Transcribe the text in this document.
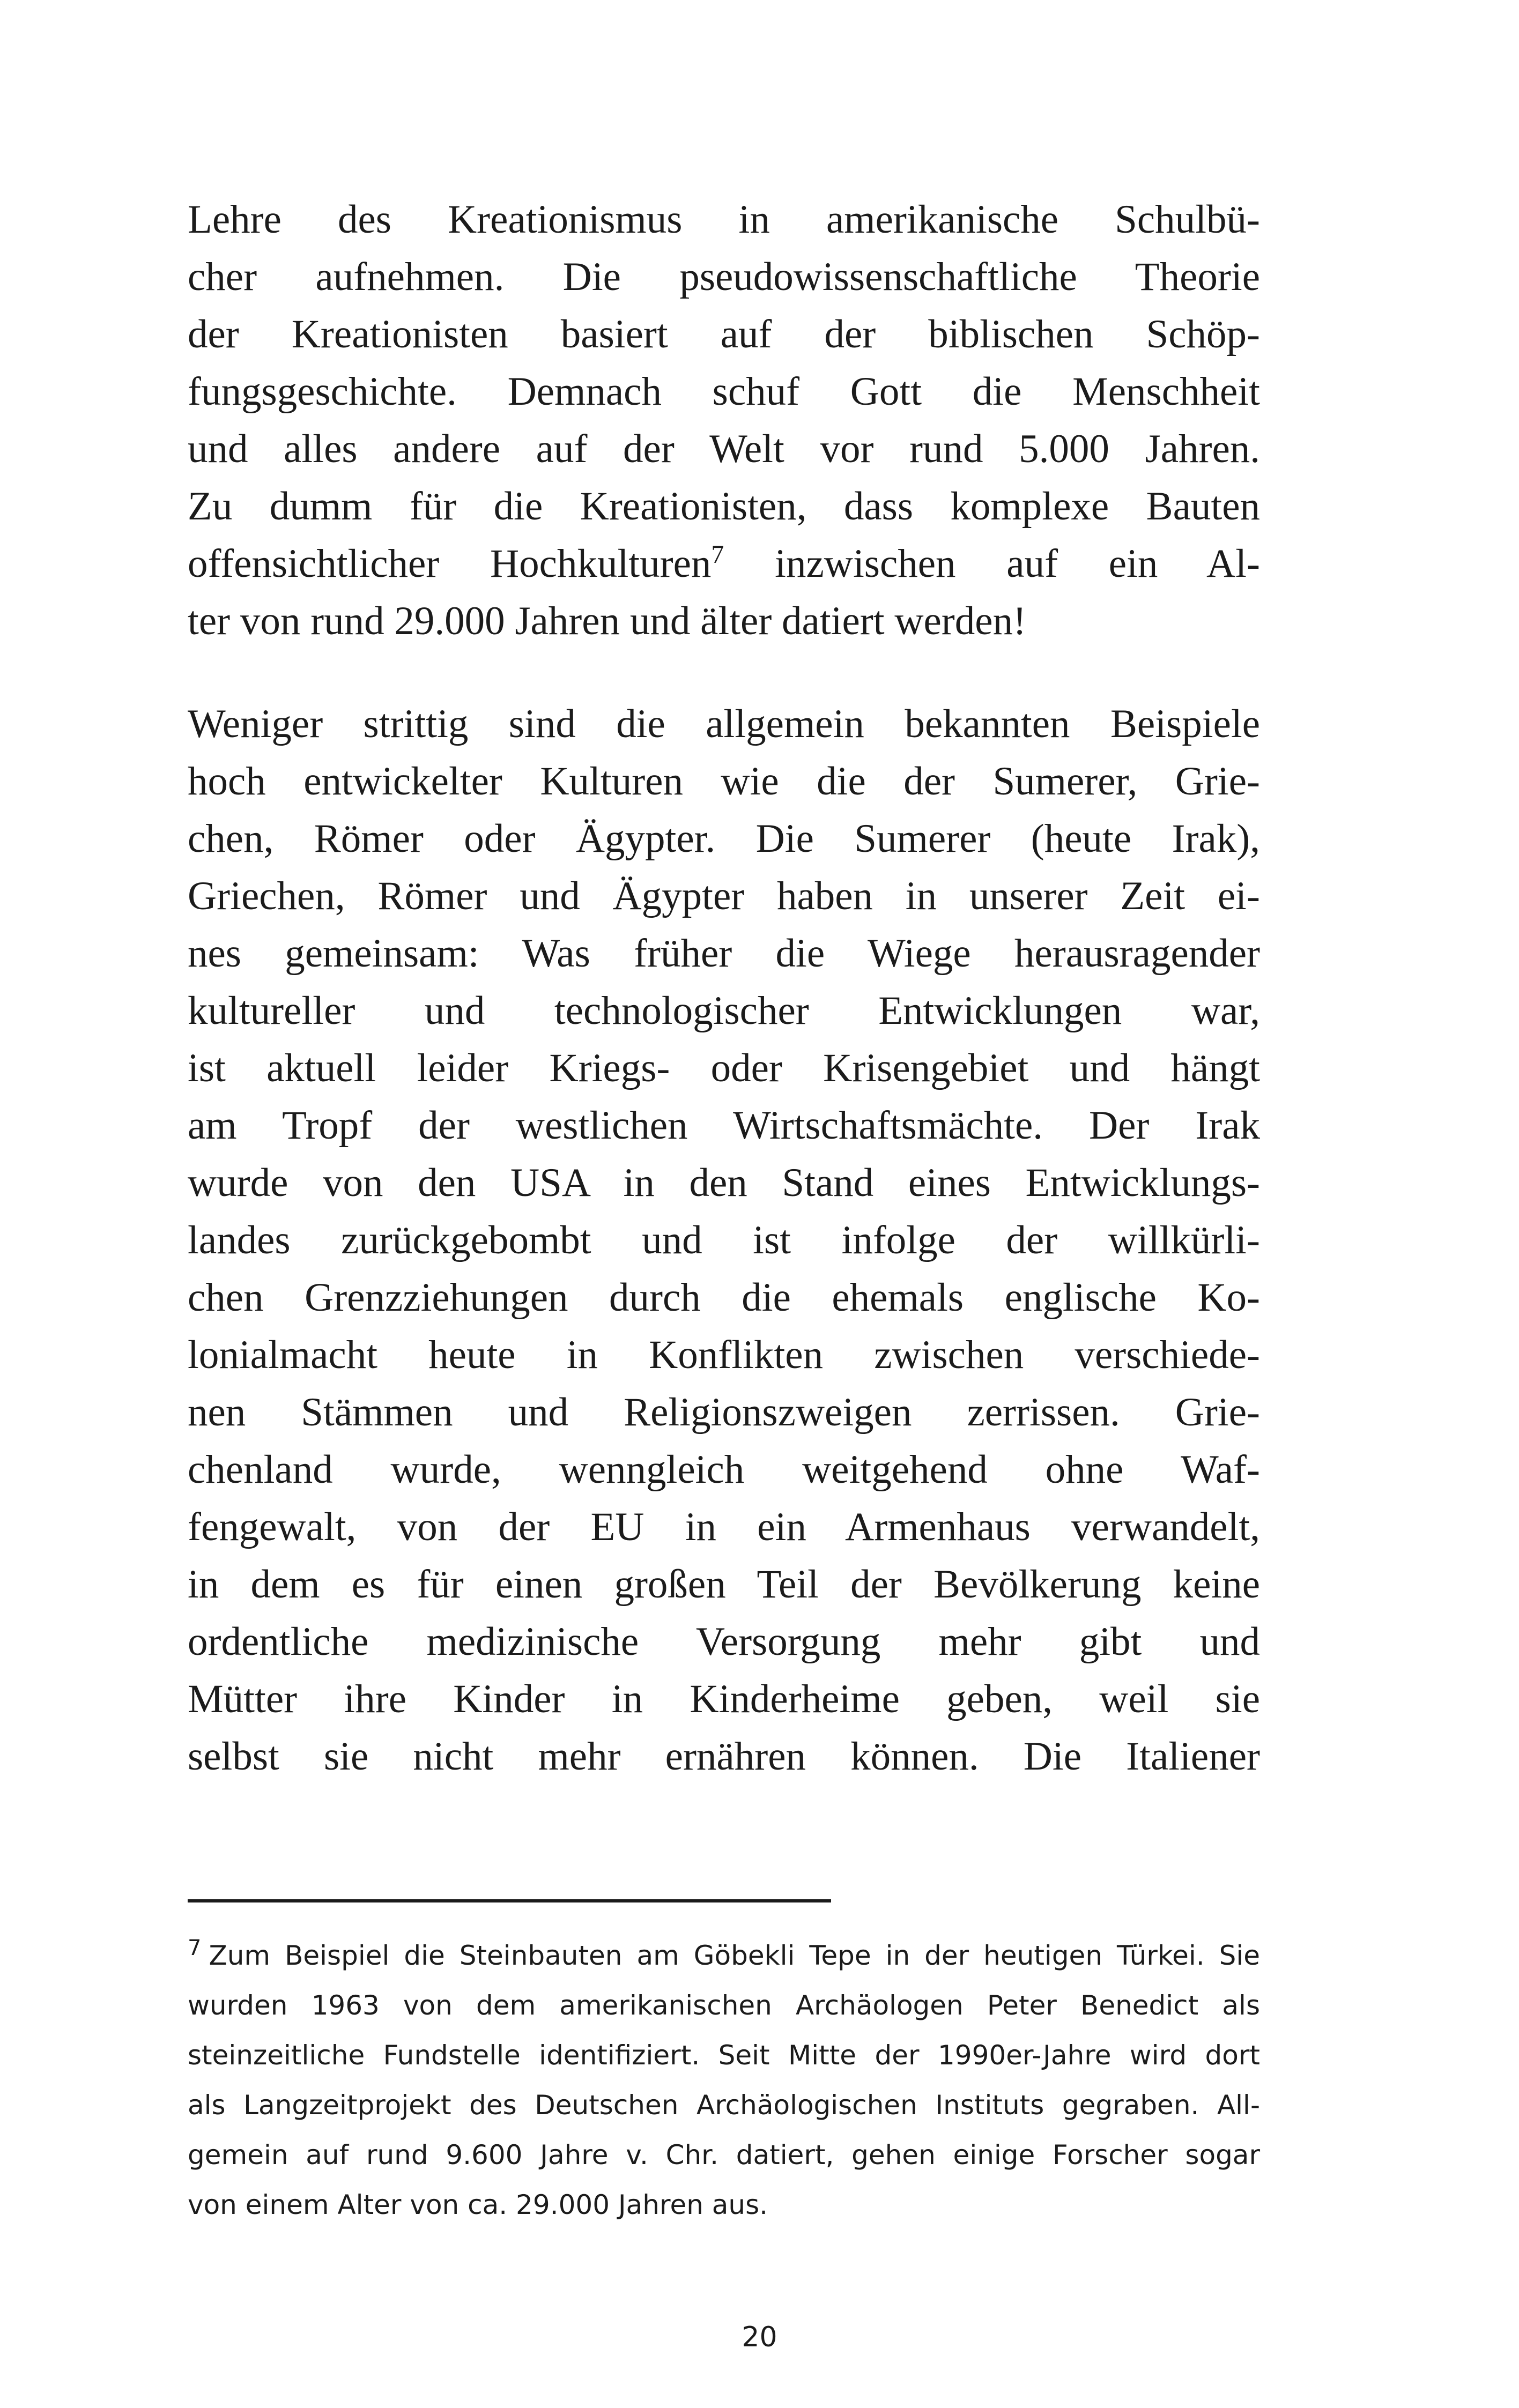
Lehre des Kreationismus in amerikanische Schulbü-
cher aufnehmen. Die pseudowissenschaftliche Theorie
der Kreationisten basiert auf der biblischen Schöp-
fungsgeschichte. Demnach schuf Gott die Menschheit
und alles andere auf der Welt vor rund 5.000 Jahren.
Zu dumm für die Kreationisten, dass komplexe Bauten
offensichtlicher Hochkulturen$^7$ inzwischen auf ein Al-
ter von rund 29.000 Jahren und älter datiert werden!
Weniger strittig sind die allgemein bekannten Beispiele
hoch entwickelter Kulturen wie die der Sumerer, Grie-
chen, Römer oder Ägypter. Die Sumerer (heute Irak),
Griechen, Römer und Ägypter haben in unserer Zeit ei-
nes gemeinsam: Was früher die Wiege herausragender
kultureller und technologischer Entwicklungen war,
ist aktuell leider Kriegs- oder Krisengebiet und hängt
am Tropf der westlichen Wirtschaftsmächte. Der Irak
wurde von den USA in den Stand eines Entwicklungs-
landes zurückgebombt und ist infolge der willkürli-
chen Grenzziehungen durch die ehemals englische Ko-
lonialmacht heute in Konflikten zwischen verschiede-
nen Stämmen und Religionszweigen zerrissen. Grie-
chenland wurde, wenngleich weitgehend ohne Waf-
fengewalt, von der EU in ein Armenhaus verwandelt,
in dem es für einen großen Teil der Bevölkerung keine
ordentliche medizinische Versorgung mehr gibt und
Mütter ihre Kinder in Kinderheime geben, weil sie
selbst sie nicht mehr ernähren können. Die Italiener
$^7$ Zum Beispiel die Steinbauten am Göbekli Tepe in der heutigen Türkei. Sie
wurden 1963 von dem amerikanischen Archäologen Peter Benedict als
steinzeitliche Fundstelle identifiziert. Seit Mitte der 1990er-Jahre wird dort
als Langzeitprojekt des Deutschen Archäologischen Instituts gegraben. All-
gemein auf rund 9.600 Jahre v. Chr. datiert, gehen einige Forscher sogar
von einem Alter von ca. 29.000 Jahren aus.
20
